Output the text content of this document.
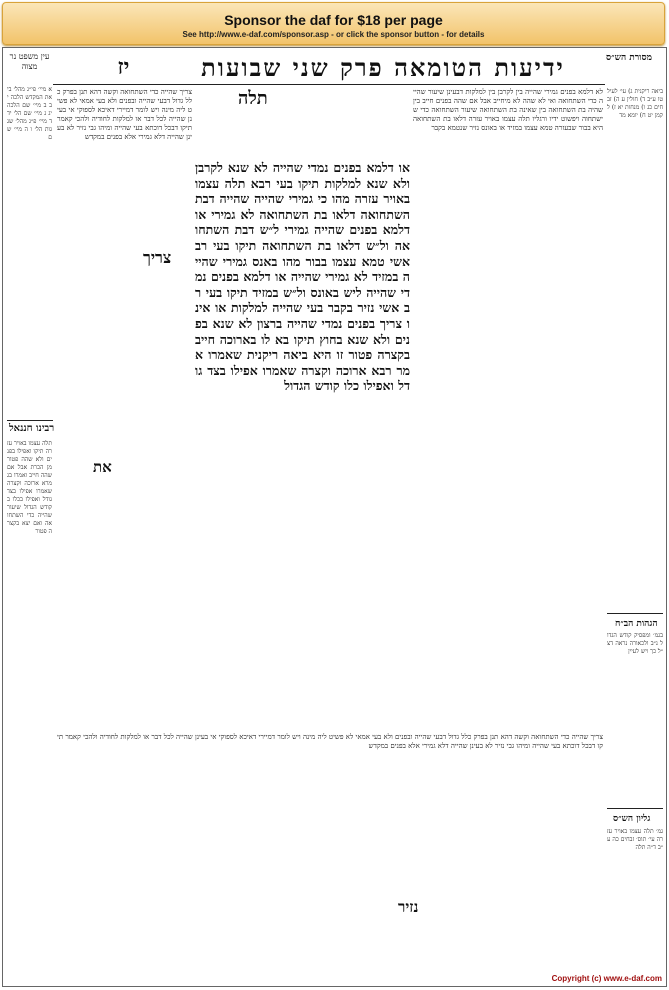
Sponsor the daf for $18 per page
See http://www.e-daf.com/sponsor.asp - or click the sponsor button - for details
עין משפט נר מצוה	יז	ידיעות הטומאה פרק שני שבועות	מסורת הש״ס
א מיי׳ פי״ג מהל׳ ביאת המקדש הלכה יב ב מיי׳ שם הלכה יג ג מיי׳ שם הל׳ יד ד מיי׳ פ״ג מהל׳ שגגות הל׳ ו ה מיי׳ שם
רבינו חננאל
תלה עצמו באויר עזרה תיקו ואפילו בפנים ולא שהה פטור מן הכרת אבל אם שהה חייב ואמרו בגמרא ארוכה וקצרה שאמרו אפילו בצד גודל ואפילו בכלו בקודש הגדול שיעור שהייה כדי השתחואה ואם יצא בקצרה פטור
צריך שהייה כדי השתחואה וקשה דהא תנן בפרק כלל גדול דבעי שהייה ובפנים ולא בעי אמאי לא פשיט ליה מינה ויש לומר דמיירי דאיכא לספוקי אי בעינן שהייה לכל דבר או למלקות לחודיה ולהכי קאמר תיקו דבכל דוכתא בעי שהייה ומיהו גבי נזיר לא בעינן שהייה דלא גמירי אלא בפנים במקדש
צריך
את
תלה
או דלמא בפנים נמדי שהייה לא שנא לקרבן ולא שנא למלקות תיקו בעי רבא תלה עצמו באויר עזרה מהו כי גמירי שהייה שהייה דבת השתחואה דלאו בת השתחואה לא גמירי או דלמא בפנים שהייה גמירי ל״ש דבת השתחואה ול״ש דלאו בת השתחואה תיקו בעי רב אשי טמא עצמו בבור מהו באנס גמירי שהייה במזיד לא גמירי שהייה או דלמא בפנים נמדי שהייה ליש באונס ול״ש במזיד תיקו בעי רב אשי נזיר בקבר בעי שהייה למלקות או אינו צריך בפנים נמדי שהייה ברצון לא שנא בפנים ולא שנא בחוץ תיקו בא לו בארוכה חייב בקצרה פטור זו היא ביאה ריקנית שאמרו אמר רבא ארוכה וקצרה שאמרו אפילו בצד גודל ואפילו כלו קודש הגדול
לא דלמא בפנים גמירי שהייה בין לקרבן בין למלקות דבעינן שיעור שהייה כדי השתחואה ואי לא שהה לא מיחייב אבל אם שהה בפנים חייב בין שהיה בת השתחואה בין שאינה בת השתחואה שיעור השתחואה כדי שישתחוה ויפשוט ידיו ורגליו תלה עצמו באויר עזרה דלאו בת השתחואה היא בבור שבעזרה טמא עצמו במזיד או באונס נזיר שנטמא בקבר
צריך שהייה כדי השתחואה וקשה דהא תנן בפרק כלל גדול דבעי שהייה ובפנים ולא בעי אמאי לא פשיט ליה מינה ויש לומר דמיירי דאיכא לספוקי אי בעינן שהייה לכל דבר או למלקות לחודיה ולהכי קאמר תיקו דבכל דוכתא בעי שהייה ומיהו גבי נזיר לא בעינן שהייה דלא גמירי אלא בפנים במקדש
נזיר
ביאה ריקנית ג) עי׳ לעיל טו ע״ב ד) חולין ע ה) זבחים כג ו) מנחות יא ז) לקמן יט ח) יומא מד
הגהות הב״ח
בגמ׳ ומפסיק קודש הגדול נ״ב ולכאורה נראה דצ״ל כך ויש לעיין
גליון הש״ס
גמ׳ תלה עצמו באויר עזרה עי׳ תוס׳ זבחים כה ע״ב ד״ה תלה
Copyright (c) www.e-daf.com
